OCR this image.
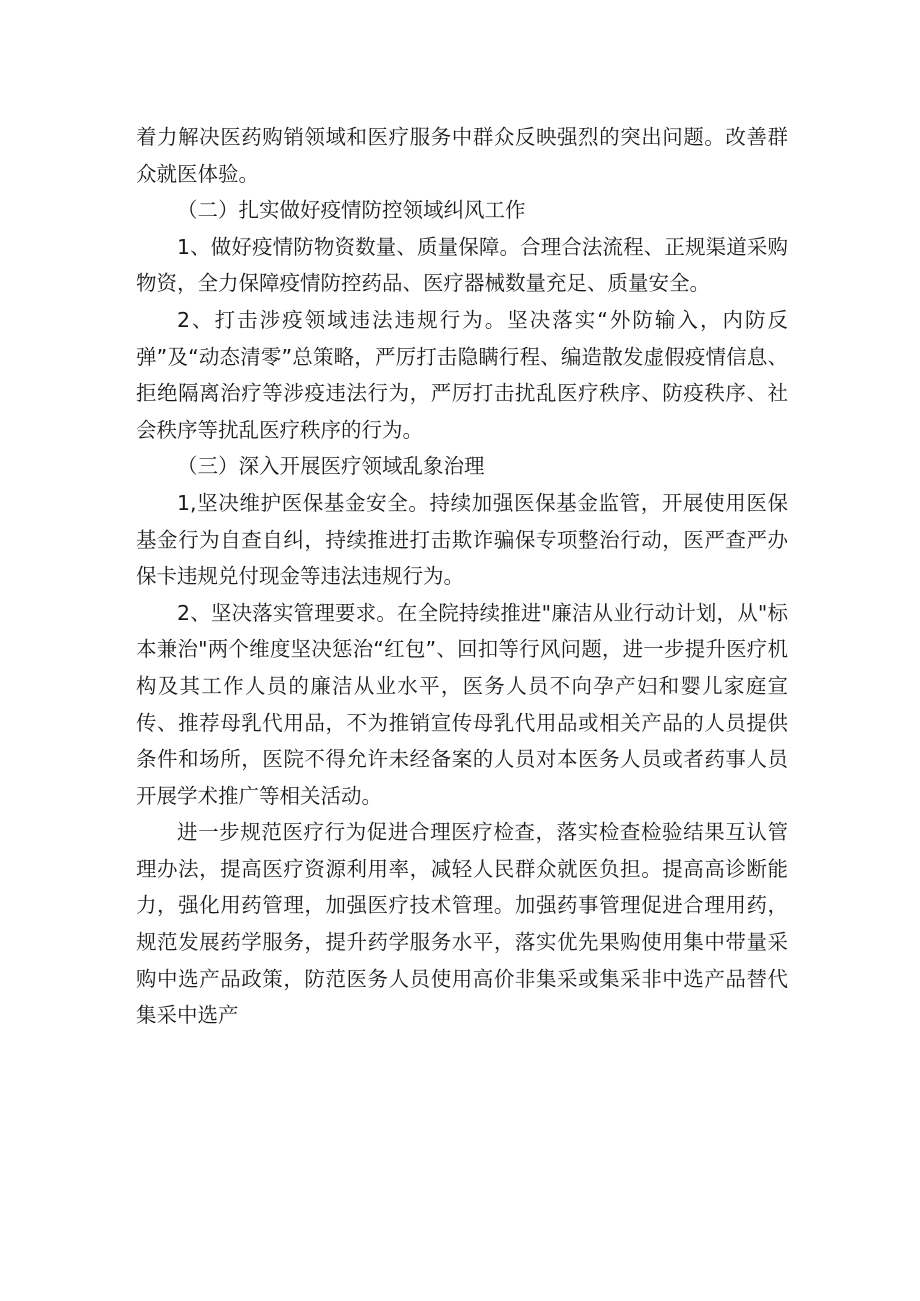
着力解决医药购销领域和医疗服务中群众反映强烈的突出问题。改善群众就医体验。

（二）扎实做好疫情防控领域纠风工作

1、做好疫情防物资数量、质量保障。合理合法流程、正规渠道采购物资，全力保障疫情防控药品、医疗器械数量充足、质量安全。

2、打击涉疫领域违法违规行为。坚决落实“外防输入，内防反弹”及“动态清零”总策略，严厉打击隐瞒行程、编造散发虚假疫情信息、拒绝隔离治疗等涉疫违法行为，严厉打击扰乱医疗秩序、防疫秩序、社会秩序等扰乱医疗秩序的行为。

（三）深入开展医疗领域乱象治理

1,坚决维护医保基金安全。持续加强医保基金监管，开展使用医保基金行为自查自纠，持续推进打击欺诈骗保专项整治行动，医严查严办保卡违规兑付现金等违法违规行为。

2、坚决落实管理要求。在全院持续推进"廉洁从业行动计划，从"标本兼治"两个维度坚决惩治“红包”、回扣等行风问题，进一步提升医疗机构及其工作人员的廉洁从业水平，医务人员不向孕产妇和婴儿家庭宣传、推荐母乳代用品，不为推销宣传母乳代用品或相关产品的人员提供条件和场所，医院不得允许未经备案的人员对本医务人员或者药事人员开展学术推广等相关活动。

进一步规范医疗行为促进合理医疗检查，落实检查检验结果互认管理办法，提高医疗资源利用率，减轻人民群众就医负担。提高高诊断能力，强化用药管理，加强医疗技术管理。加强药事管理促进合理用药，规范发展药学服务，提升药学服务水平，落实优先果购使用集中带量采购中选产品政策，防范医务人员使用高价非集采或集采非中选产品替代集采中选产
